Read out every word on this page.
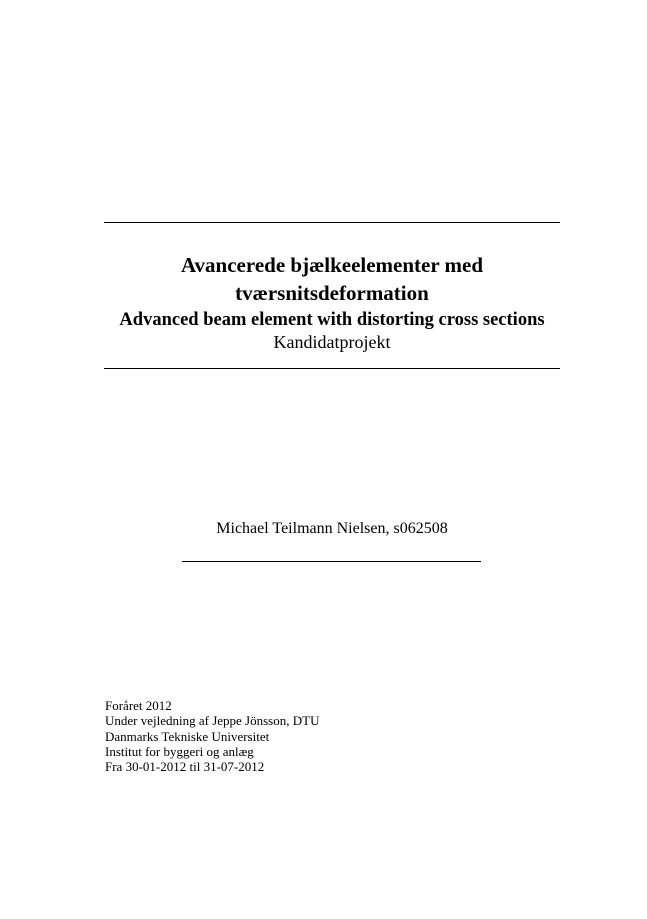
Avancerede bjælkeelementer med

tværsnitsdeformation

Advanced beam element with distorting cross sections

Kandidatprojekt

Michael Teilmann Nielsen, s062508

Foråret 2012
Under vejledning af Jeppe Jönsson, DTU
Danmarks Tekniske Universitet
Institut for byggeri og anlæg
Fra 30-01-2012 til 31-07-2012
